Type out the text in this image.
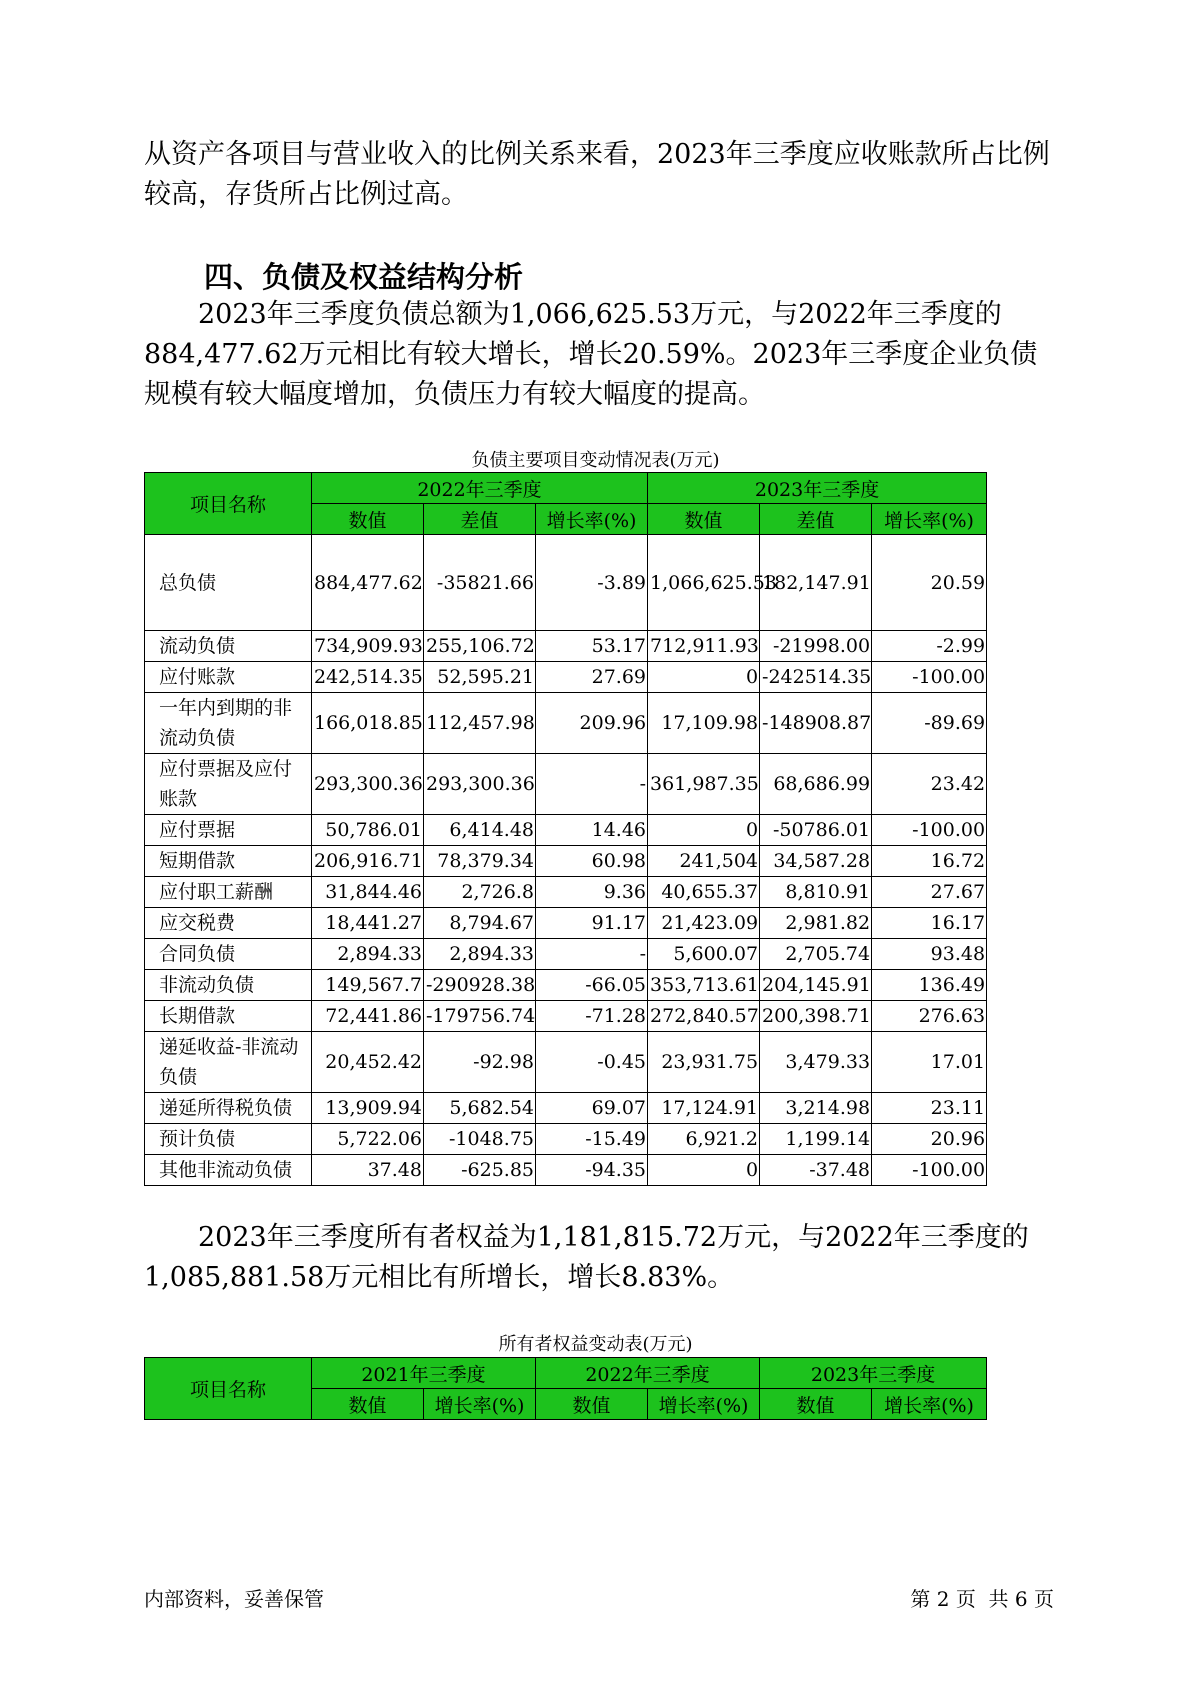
从资产各项目与营业收入的比例关系来看，2023年三季度应收账款所占比例较高，存货所占比例过高。

四、负债及权益结构分析

2023年三季度负债总额为1,066,625.53万元，与2022年三季度的884,477.62万元相比有较大增长，增长20.59%。2023年三季度企业负债规模有较大幅度增加，负债压力有较大幅度的提高。

负债主要项目变动情况表(万元)
项目名称	2022年三季度			2023年三季度		
	数值	差值	增长率(%)	数值	差值	增长率(%)
总负债	884,477.62	-35821.66	-3.89	1,066,625.53	182,147.91	20.59
流动负债	734,909.93	255,106.72	53.17	712,911.93	-21998.00	-2.99
应付账款	242,514.35	52,595.21	27.69	0	-242514.35	-100.00
一年内到期的非流动负债	166,018.85	112,457.98	209.96	17,109.98	-148908.87	-89.69
应付票据及应付账款	293,300.36	293,300.36	-	361,987.35	68,686.99	23.42
应付票据	50,786.01	6,414.48	14.46	0	-50786.01	-100.00
短期借款	206,916.71	78,379.34	60.98	241,504	34,587.28	16.72
应付职工薪酬	31,844.46	2,726.8	9.36	40,655.37	8,810.91	27.67
应交税费	18,441.27	8,794.67	91.17	21,423.09	2,981.82	16.17
合同负债	2,894.33	2,894.33	-	5,600.07	2,705.74	93.48
非流动负债	149,567.7	-290928.38	-66.05	353,713.61	204,145.91	136.49
长期借款	72,441.86	-179756.74	-71.28	272,840.57	200,398.71	276.63
递延收益-非流动负债	20,452.42	-92.98	-0.45	23,931.75	3,479.33	17.01
递延所得税负债	13,909.94	5,682.54	69.07	17,124.91	3,214.98	23.11
预计负债	5,722.06	-1048.75	-15.49	6,921.2	1,199.14	20.96
其他非流动负债	37.48	-625.85	-94.35	0	-37.48	-100.00

2023年三季度所有者权益为1,181,815.72万元，与2022年三季度的1,085,881.58万元相比有所增长，增长8.83%。

所有者权益变动表(万元)
项目名称	2021年三季度		2022年三季度		2023年三季度	
	数值	增长率(%)	数值	增长率(%)	数值	增长率(%)
内部资料，妥善保管	第 2 页  共 6 页
